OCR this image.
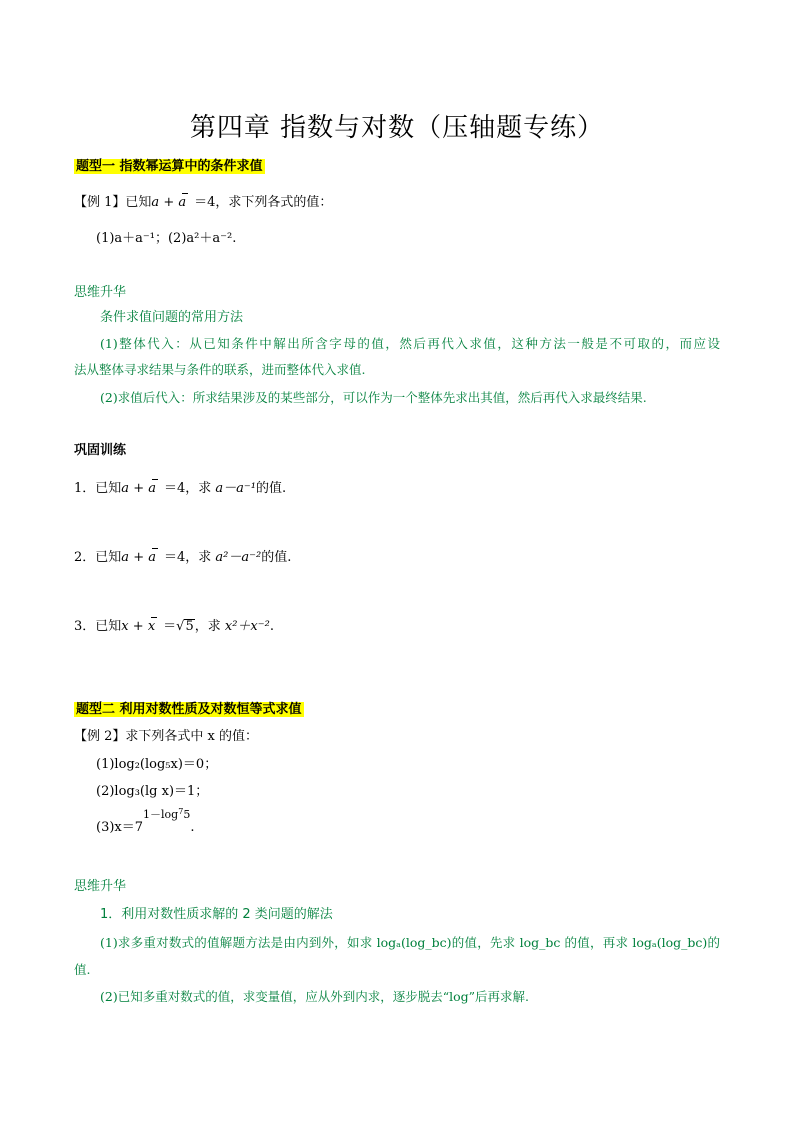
第四章 指数与对数（压轴题专练）
题型一 指数幂运算中的条件求值
【例 1】已知a + a ＝4，求下列各式的值：
(1)a＋a⁻¹；(2)a²＋a⁻².
思维升华
条件求值问题的常用方法
(1)整体代入：从已知条件中解出所含字母的值，然后再代入求值，这种方法一般是不可取的，而应设
法从整体寻求结果与条件的联系，进而整体代入求值.
(2)求值后代入：所求结果涉及的某些部分，可以作为一个整体先求出其值，然后再代入求最终结果.
巩固训练
1．已知a + a ＝4，求 a－a⁻¹的值.
2．已知a + a ＝4，求 a²－a⁻²的值.
3．已知x + x ＝√5，求 x²＋x⁻².
题型二 利用对数性质及对数恒等式求值
【例 2】求下列各式中 x 的值：
(1)log₂(log₅x)＝0；
(2)log₃(lg x)＝1；
$(3)x=7^{1-log^75}$.
思维升华
1．利用对数性质求解的 2 类问题的解法
(1)求多重对数式的值解题方法是由内到外，如求 logₐ(log_bc)的值，先求 log_bc 的值，再求 logₐ(log_bc)的
值.
(2)已知多重对数式的值，求变量值，应从外到内求，逐步脱去“log”后再求解.
